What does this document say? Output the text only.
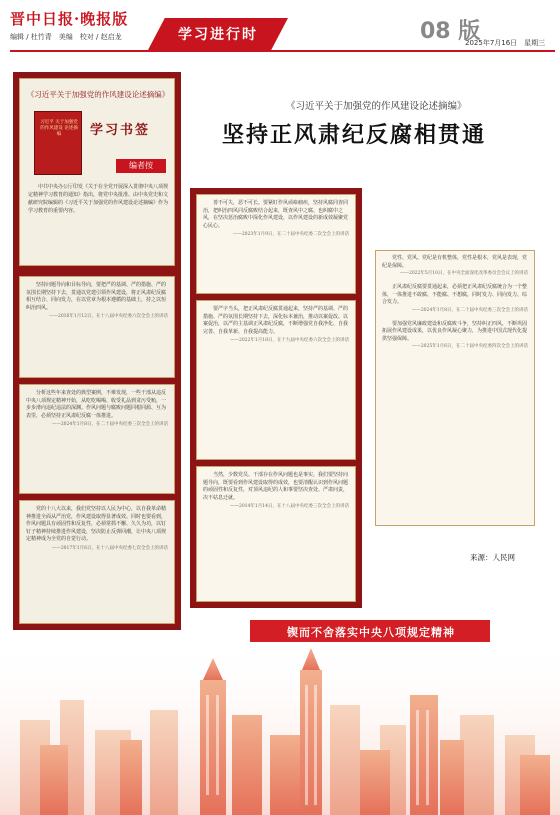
晋中日报·晚报版
编辑 / 杜竹青　美编　校对 / 赵启龙	学习进行时	08 版
2025年7月16日　星期三
《习近平关于加强党的作风建设论述摘编》
习近平 关于加强党的作风建设 论述摘编	学习书签
编者按
中共中央办公厅印发《关于在全党开展深入贯彻中央八项规定精神学习教育的通知》指出，将党中央批准、由中央党史和文献研究院编辑的《习近平关于加强党的作风建设论述摘编》作为学习教育的重要内容。

坚持问题导向和目标导向，要把严的基调、严的措施、严的氛围长期坚持下去，贯通以党建引领作风建设，将正风肃纪反腐相互结合、同向发力，在以党章为根本遵循的基础上，持之以恒纠治四风。

——2016年1月12日，在十八届中央纪委六次全会上的讲话

分析这些年来查处的典型案例，不难发现，一些干部从违反中央八项规定精神开始，从吃吃喝喝、收受礼品到贪污受贿，一步步滑向违纪违法的深渊。作风问题与腐败问题同根同源、互为表里，必须坚持正风肃纪反腐一体推进。

——2024年1月8日，在二十届中央纪委三次全会上的讲话

党的十八大以来，我们党坚持以人民为中心，以自我革命精神推进全面从严治党，作风建设取得显著成效。同时也要看到，作风问题具有顽固性和反复性，必须常抓不懈、久久为功，以钉钉子精神持续推进作风建设，坚决防止反弹回潮，让中央八项规定精神成为全党的自觉行动。

——2017年1月6日，在十八届中央纪委七次全会上的讲话

《习近平关于加强党的作风建设论述摘编》
坚持正风肃纪反腐相贯通

善不可失，恶不可长。要紧盯作风顽瘴痼疾，坚持风腐同查同治，把纠治四风同反腐败结合起来，既查风中之腐、也纠腐中之风，在坚决惩治腐败中深化作风建设，以作风建设的新成效凝聚党心民心。

——2023年1月9日，在二十届中央纪委二次全会上的讲话

要严字当头，把正风肃纪反腐贯通起来，坚持严的基调、严的措施、严的氛围长期坚持下去，深化标本兼治，推动以案促改、以案促治，以严的主基调正风肃纪反腐，不断增强党自我净化、自我完善、自我革新、自我提高能力。

——2022年1月18日，在十九届中央纪委六次全会上的讲话

当然，少数党员、干部存在作风问题也是事实。我们要坚持问题导向，既要看到作风建设取得的成效，也要清醒认识到作风问题的顽固性和反复性，对顶风违纪的人和事要坚决查处、严肃问责，决不姑息迁就。

——2014年1月14日，在十八届中央纪委三次全会上的讲话

党性、党风、党纪是有机整体，党性是根本，党风是表现，党纪是保障。

——2022年5月10日，在中央全面深化改革委员会会议上的讲话

正风肃纪反腐要贯通起来，必须把正风肃纪反腐统合为一个整体，一体推进不敢腐、不能腐、不想腐，同时发力、同向发力、综合发力。

——2024年1月8日，在二十届中央纪委三次全会上的讲话

要加强党风廉政建设和反腐败斗争，坚持纠正四风，不断巩固拓展作风建设成果，以优良作风凝心聚力，为推进中国式现代化提供坚强保障。

——2025年1月6日，在二十届中央纪委四次全会上的讲话

来源：人民网
锲而不舍落实中央八项规定精神
